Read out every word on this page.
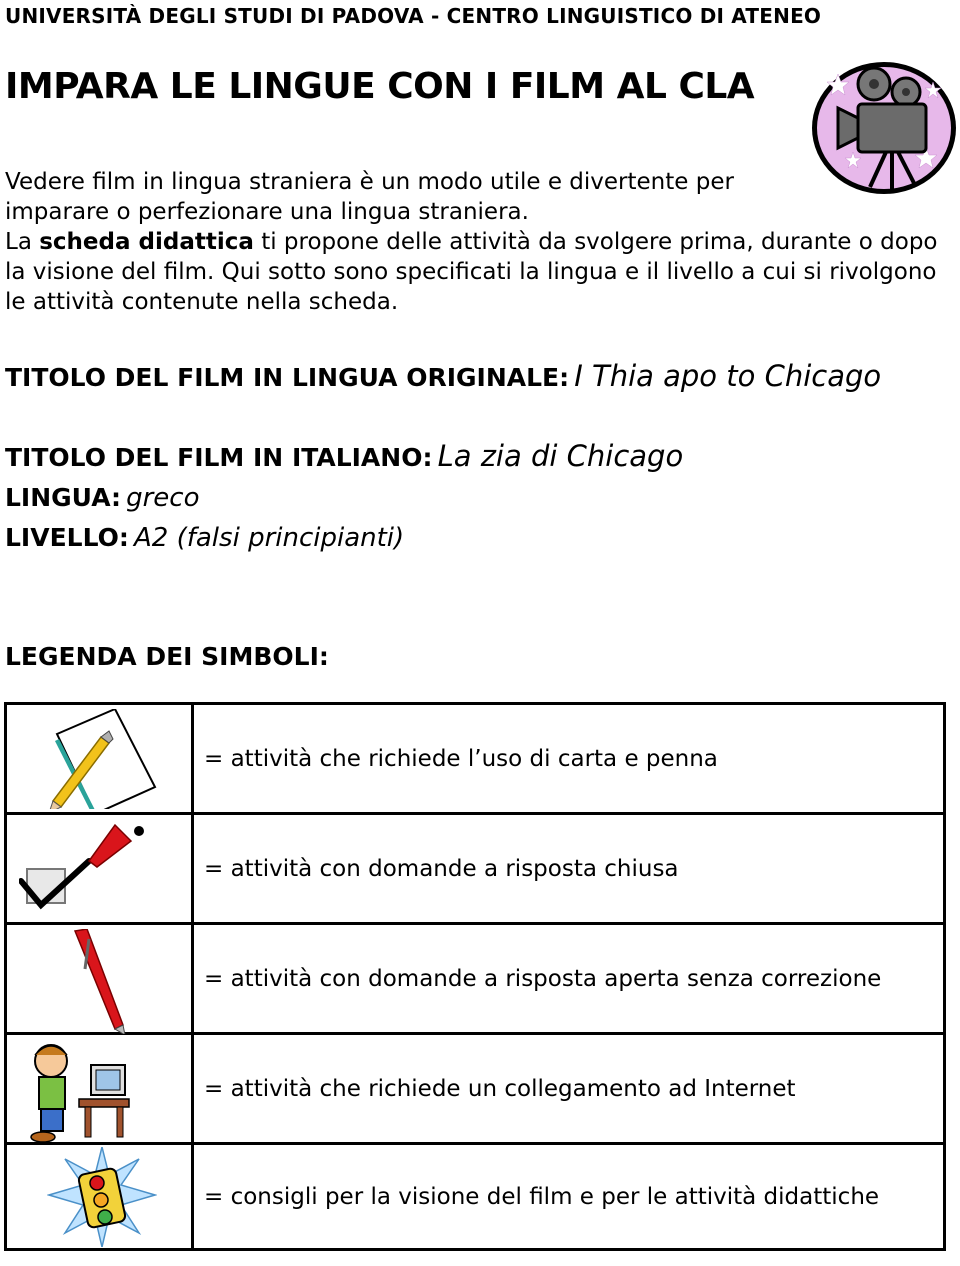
UNIVERSITÀ DEGLI STUDI DI PADOVA - CENTRO LINGUISTICO DI ATENEO
IMPARA LE LINGUE CON I FILM AL CLA

Vedere film in lingua straniera è un modo utile e divertente per imparare o perfezionare una lingua straniera.

La scheda didattica ti propone delle attività da svolgere prima, durante o dopo la visione del film. Qui sotto sono specificati la lingua e il livello a cui si rivolgono le attività contenute nella scheda.

TITOLO DEL FILM IN LINGUA ORIGINALE: I Thia apo to Chicago
TITOLO DEL FILM IN ITALIANO: La zia di Chicago
LINGUA: greco
LIVELLO: A2 (falsi principianti)
LEGENDA DEI SIMBOLI:
	= attività che richiede l’uso di carta e penna

	= attività con domande a risposta chiusa

	= attività con domande a risposta aperta senza correzione

	= attività che richiede un collegamento ad Internet

	= consigli per la visione del film e per le attività didattiche
